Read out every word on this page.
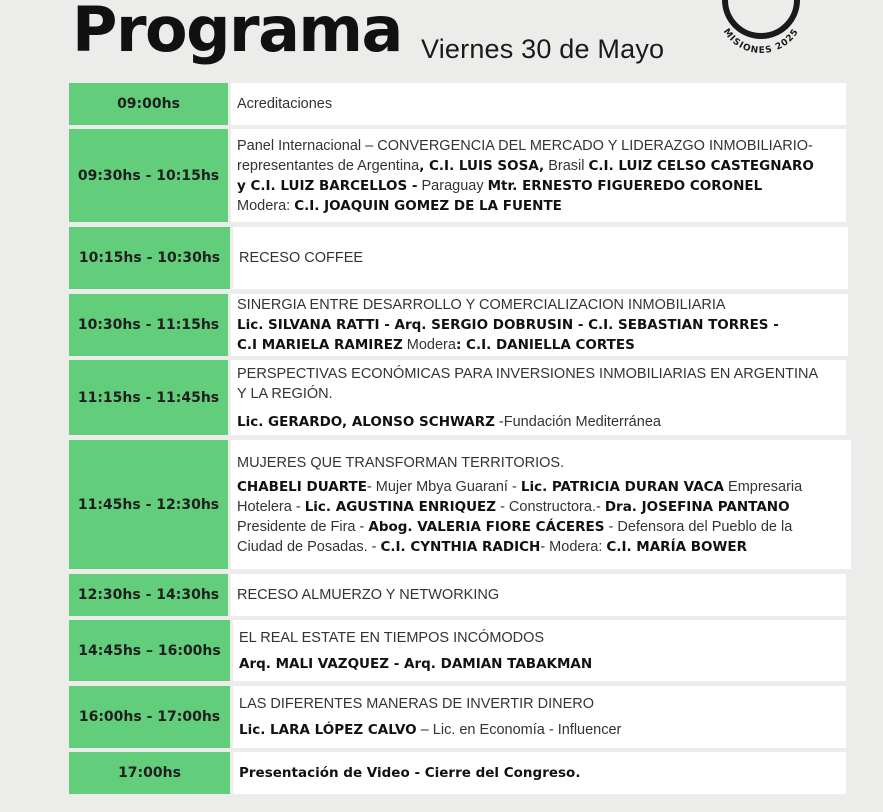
Programa Viernes 30 de Mayo
MISIONES 2025
09:00hs	Acreditaciones
09:30hs - 10:15hs
Panel Internacional – CONVERGENCIA DEL MERCADO Y LIDERAZGO INMOBILIARIO-
representantes de Argentina, C.I. LUIS SOSA, Brasil C.I. LUIZ CELSO CASTEGNARO
y C.I. LUIZ BARCELLOS - Paraguay Mtr. ERNESTO FIGUEREDO CORONEL
Modera: C.I. JOAQUIN GOMEZ DE LA FUENTE
10:15hs - 10:30hs	RECESO COFFEE
10:30hs - 11:15hs
SINERGIA ENTRE DESARROLLO Y COMERCIALIZACION INMOBILIARIA
Lic. SILVANA RATTI - Arq. SERGIO DOBRUSIN - C.I. SEBASTIAN TORRES -
C.I MARIELA RAMIREZ Modera: C.I. DANIELLA CORTES
11:15hs - 11:45hs
PERSPECTIVAS ECONÓMICAS PARA INVERSIONES INMOBILIARIAS EN ARGENTINA Y LA REGIÓN.
Lic. GERARDO, ALONSO SCHWARZ -Fundación Mediterránea
11:45hs - 12:30hs
MUJERES QUE TRANSFORMAN TERRITORIOS.
CHABELI DUARTE- Mujer Mbya Guaraní - Lic. PATRICIA DURAN VACA Empresaria Hotelera - Lic. AGUSTINA ENRIQUEZ - Constructora.- Dra. JOSEFINA PANTANO Presidente de Fira - Abog. VALERIA FIORE CÁCERES - Defensora del Pueblo de la Ciudad de Posadas. - C.I. CYNTHIA RADICH- Modera: C.I. MARÍA BOWER
12:30hs - 14:30hs	RECESO ALMUERZO Y NETWORKING
14:45hs – 16:00hs
EL REAL ESTATE EN TIEMPOS INCÓMODOS
Arq. MALI VAZQUEZ - Arq. DAMIAN TABAKMAN
16:00hs - 17:00hs
LAS DIFERENTES MANERAS DE INVERTIR DINERO
Lic. LARA LÓPEZ CALVO – Lic. en Economía - Influencer
17:00hs	Presentación de Video - Cierre del Congreso.
